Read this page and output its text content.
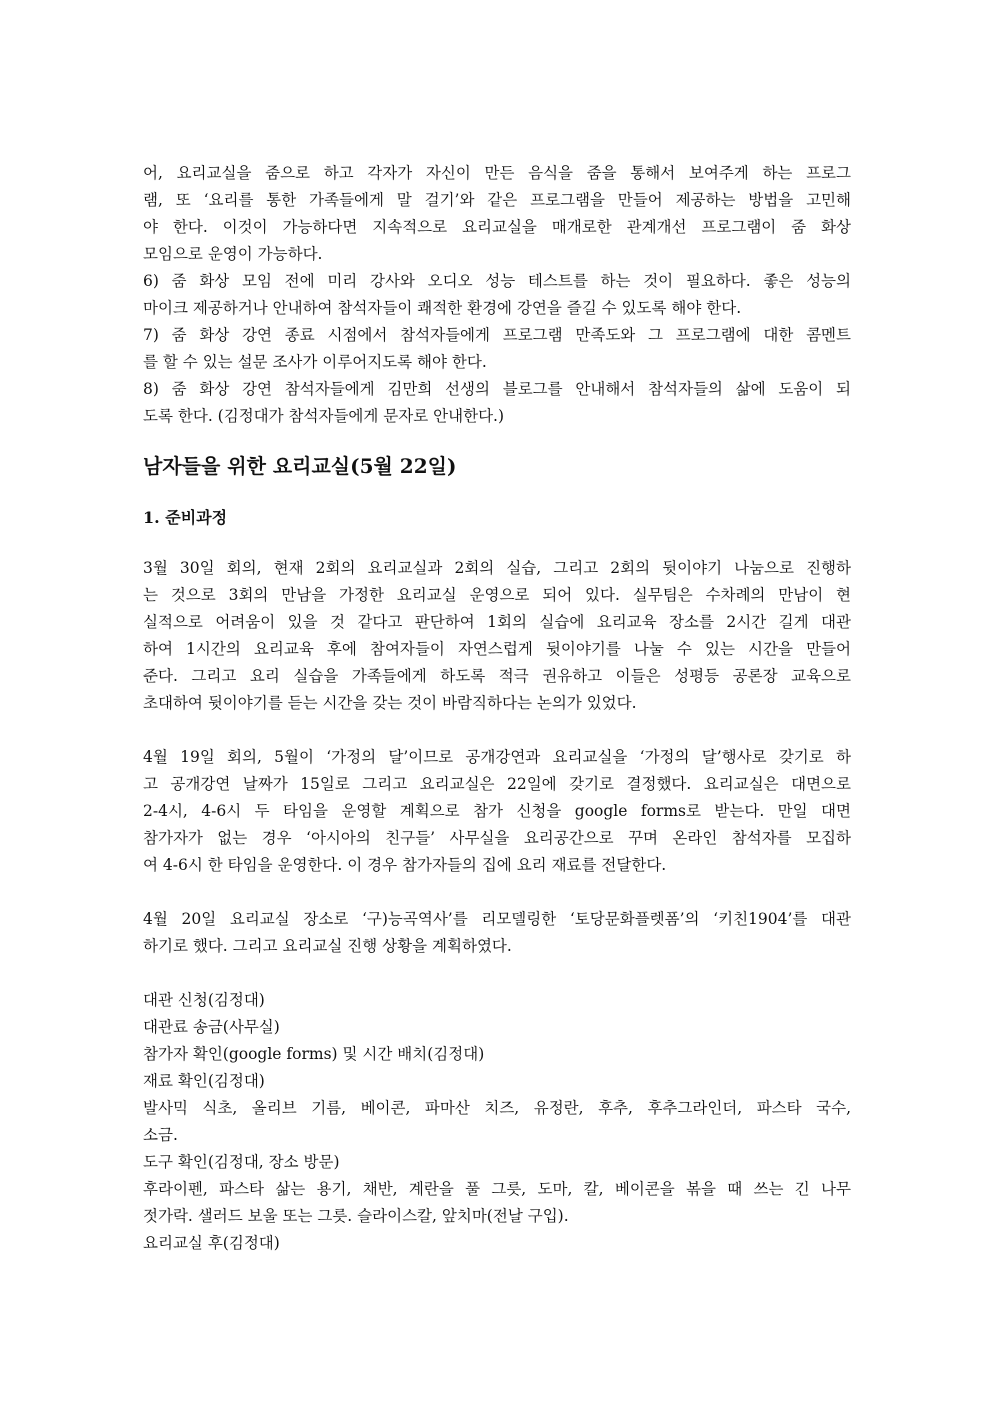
어, 요리교실을 줌으로 하고 각자가 자신이 만든 음식을 줌을 통해서 보여주게 하는 프로그
램, 또 ‘요리를 통한 가족들에게 말 걸기’와 같은 프로그램을 만들어 제공하는 방법을 고민해
야 한다. 이것이 가능하다면 지속적으로 요리교실을 매개로한 관계개선 프로그램이 줌 화상
모임으로 운영이 가능하다.
6) 줌 화상 모임 전에 미리 강사와 오디오 성능 테스트를 하는 것이 필요하다. 좋은 성능의
마이크 제공하거나 안내하여 참석자들이 쾌적한 환경에 강연을 즐길 수 있도록 해야 한다.
7) 줌 화상 강연 종료 시점에서 참석자들에게 프로그램 만족도와 그 프로그램에 대한 콤멘트
를 할 수 있는 설문 조사가 이루어지도록 해야 한다.
8) 줌 화상 강연 참석자들에게 김만희 선생의 블로그를 안내해서 참석자들의 삶에 도움이 되
도록 한다. (김정대가 참석자들에게 문자로 안내한다.)
남자들을 위한 요리교실(5월 22일)
1. 준비과정
3월 30일 회의, 현재 2회의 요리교실과 2회의 실습, 그리고 2회의 뒷이야기 나눔으로 진행하
는 것으로 3회의 만남을 가정한 요리교실 운영으로 되어 있다. 실무팀은 수차례의 만남이 현
실적으로 어려움이 있을 것 같다고 판단하여 1회의 실습에 요리교육 장소를 2시간 길게 대관
하여 1시간의 요리교육 후에 참여자들이 자연스럽게 뒷이야기를 나눌 수 있는 시간을 만들어
준다. 그리고 요리 실습을 가족들에게 하도록 적극 권유하고 이들은 성평등 공론장 교육으로
초대하여 뒷이야기를 듣는 시간을 갖는 것이 바람직하다는 논의가 있었다.
4월 19일 회의, 5월이 ‘가정의 달’이므로 공개강연과 요리교실을 ‘가정의 달’행사로 갖기로 하
고 공개강연 날짜가 15일로 그리고 요리교실은 22일에 갖기로 결정했다. 요리교실은 대면으로
2-4시, 4-6시 두 타임을 운영할 계획으로 참가 신청을 google forms로 받는다. 만일 대면
참가자가 없는 경우 ‘아시아의 친구들’ 사무실을 요리공간으로 꾸며 온라인 참석자를 모집하
여 4-6시 한 타임을 운영한다. 이 경우 참가자들의 집에 요리 재료를 전달한다.
4월 20일 요리교실 장소로 ‘구)능곡역사’를 리모델링한 ‘토당문화플렛폼’의 ‘키친1904’를 대관
하기로 했다. 그리고 요리교실 진행 상황을 계획하였다.
대관 신청(김정대)
대관료 송금(사무실)
참가자 확인(google forms) 및 시간 배치(김정대)
재료 확인(김정대)
발사믹 식초, 올리브 기름, 베이콘, 파마산 치즈, 유정란, 후추, 후추그라인더, 파스타 국수,
소금.
도구 확인(김정대, 장소 방문)
후라이펜, 파스타 삶는 용기, 채반, 계란을 풀 그릇, 도마, 칼, 베이콘을 볶을 때 쓰는 긴 나무
젓가락. 샐러드 보울 또는 그릇. 슬라이스칼, 앞치마(전날 구입).
요리교실 후(김정대)
